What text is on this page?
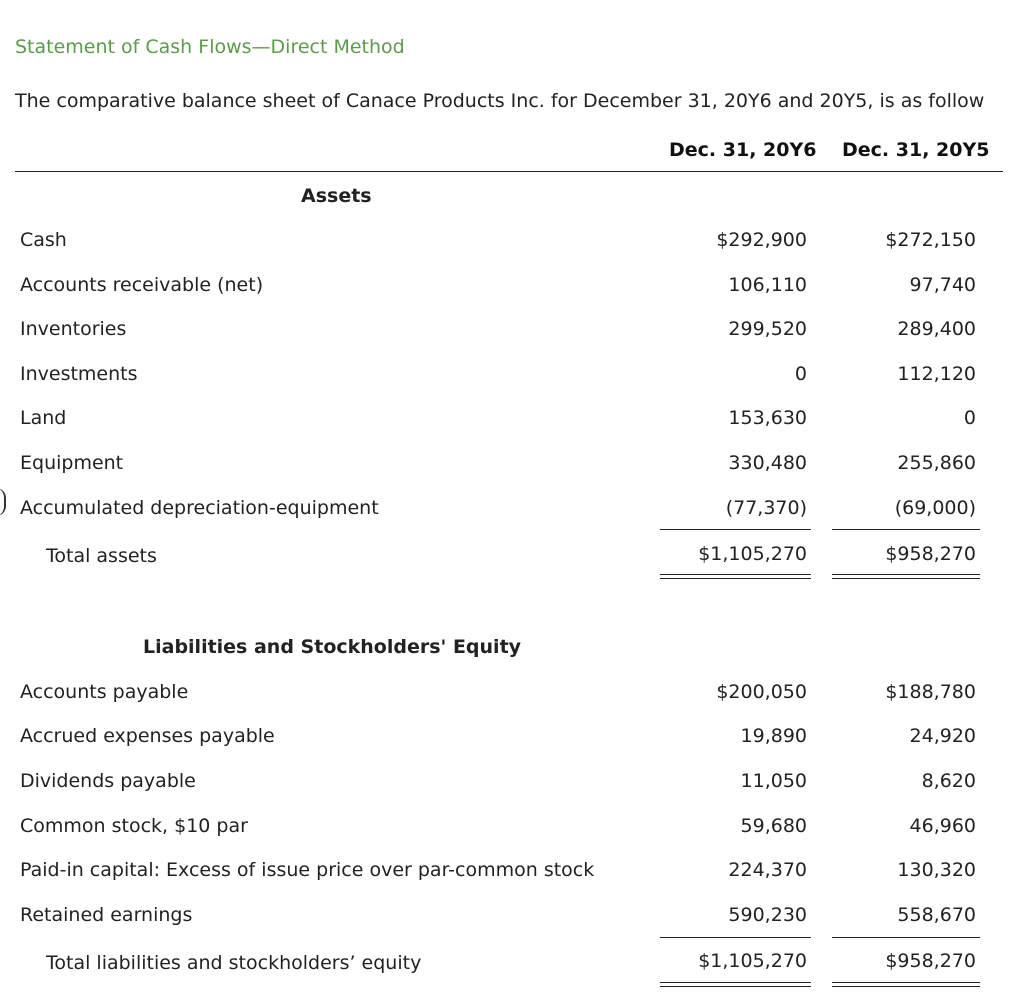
Statement of Cash Flows—Direct Method
The comparative balance sheet of Canace Products Inc. for December 31, 20Y6 and 20Y5, is as follow
Dec. 31, 20Y6 Dec. 31, 20Y5
Assets
Cash	$292,900	$272,150
Accounts receivable (net)	106,110	97,740
Inventories	299,520	289,400
Investments	0	112,120
Land	153,630	0
Equipment	330,480	255,860
Accumulated depreciation-equipment	(77,370)	(69,000)
Total assets	$1,105,270	$958,270
Liabilities and Stockholders' Equity
Accounts payable	$200,050	$188,780
Accrued expenses payable	19,890	24,920
Dividends payable	11,050	8,620
Common stock, $10 par	59,680	46,960
Paid-in capital: Excess of issue price over par-common stock	224,370	130,320
Retained earnings	590,230	558,670
Total liabilities and stockholders’ equity	$1,105,270	$958,270
